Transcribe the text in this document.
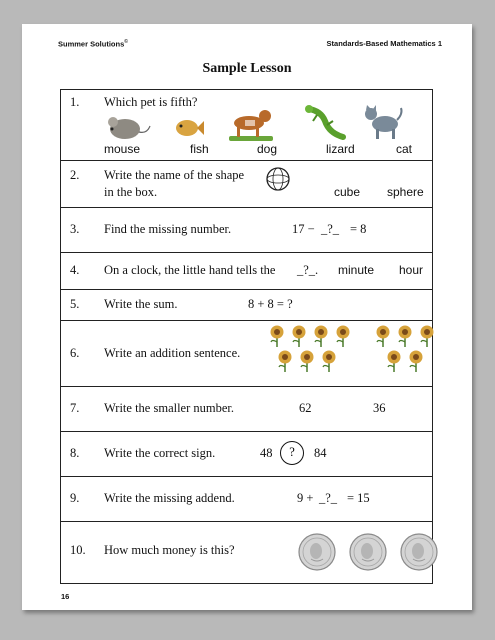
Summer Solutions©	Standards-Based Mathematics 1
Sample Lesson
1. Which pet is fifth?
mouse	fish	dog	lizard	cat
2. Write the name of the shape
in the box.	cube sphere
3. Find the missing number.	17 − _?_ = 8
4. On a clock, the little hand tells the _?_. minute hour
5. Write the sum.	8 + 8 = ?
6. Write an addition sentence.
7. Write the smaller number.	62	36
8. Write the correct sign.	48	?	84
9. Write the missing addend.	9 + _?_ = 15
10. How much money is this?
16
